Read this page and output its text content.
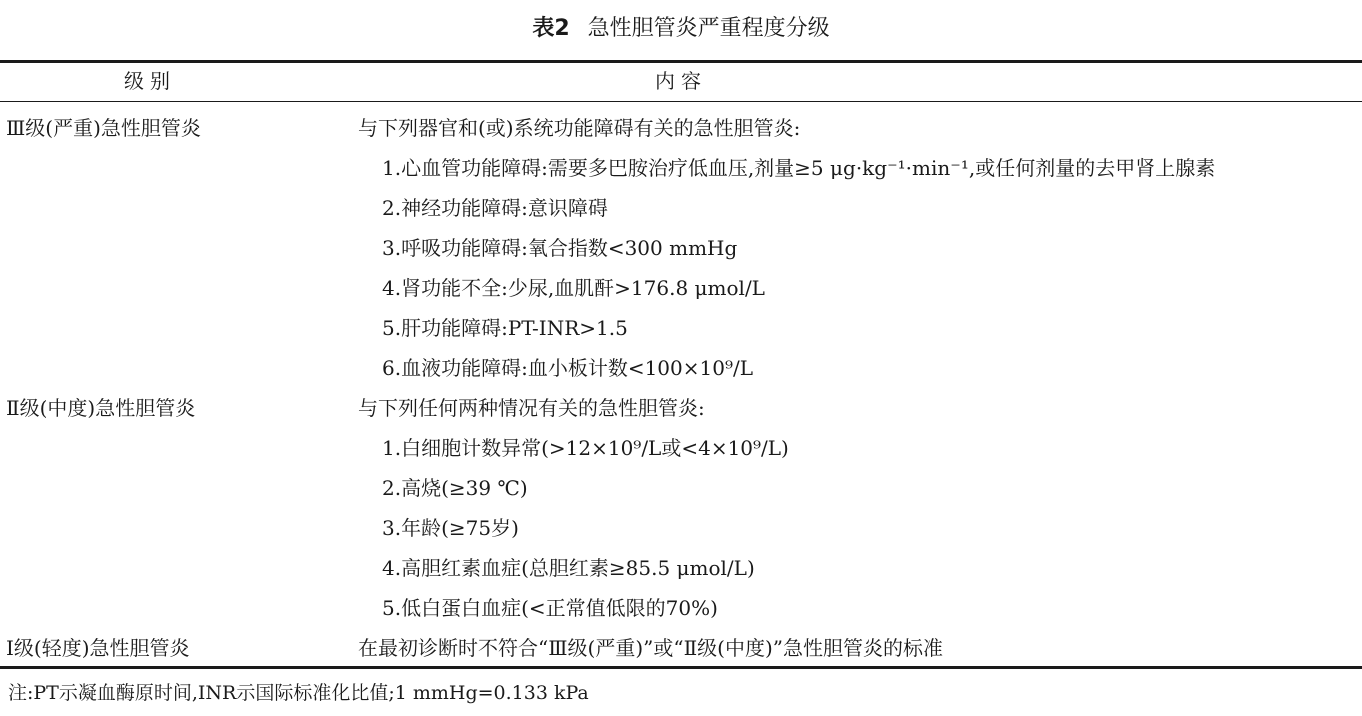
表2 急性胆管炎严重程度分级
级别	内容
Ⅲ级(严重)急性胆管炎	与下列器官和(或)系统功能障碍有关的急性胆管炎:
1.心血管功能障碍:需要多巴胺治疗低血压,剂量≥5 μg·kg⁻¹·min⁻¹,或任何剂量的去甲肾上腺素
2.神经功能障碍:意识障碍
3.呼吸功能障碍:氧合指数<300 mmHg
4.肾功能不全:少尿,血肌酐>176.8 μmol/L
5.肝功能障碍:PT-INR>1.5
6.血液功能障碍:血小板计数<100×10⁹/L
Ⅱ级(中度)急性胆管炎	与下列任何两种情况有关的急性胆管炎:
1.白细胞计数异常(>12×10⁹/L或<4×10⁹/L)
2.高烧(≥39 ℃)
3.年龄(≥75岁)
4.高胆红素血症(总胆红素≥85.5 μmol/L)
5.低白蛋白血症(<正常值低限的70%)
Ⅰ级(轻度)急性胆管炎	在最初诊断时不符合“Ⅲ级(严重)”或“Ⅱ级(中度)”急性胆管炎的标准
注:PT示凝血酶原时间,INR示国际标准化比值;1 mmHg=0.133 kPa
